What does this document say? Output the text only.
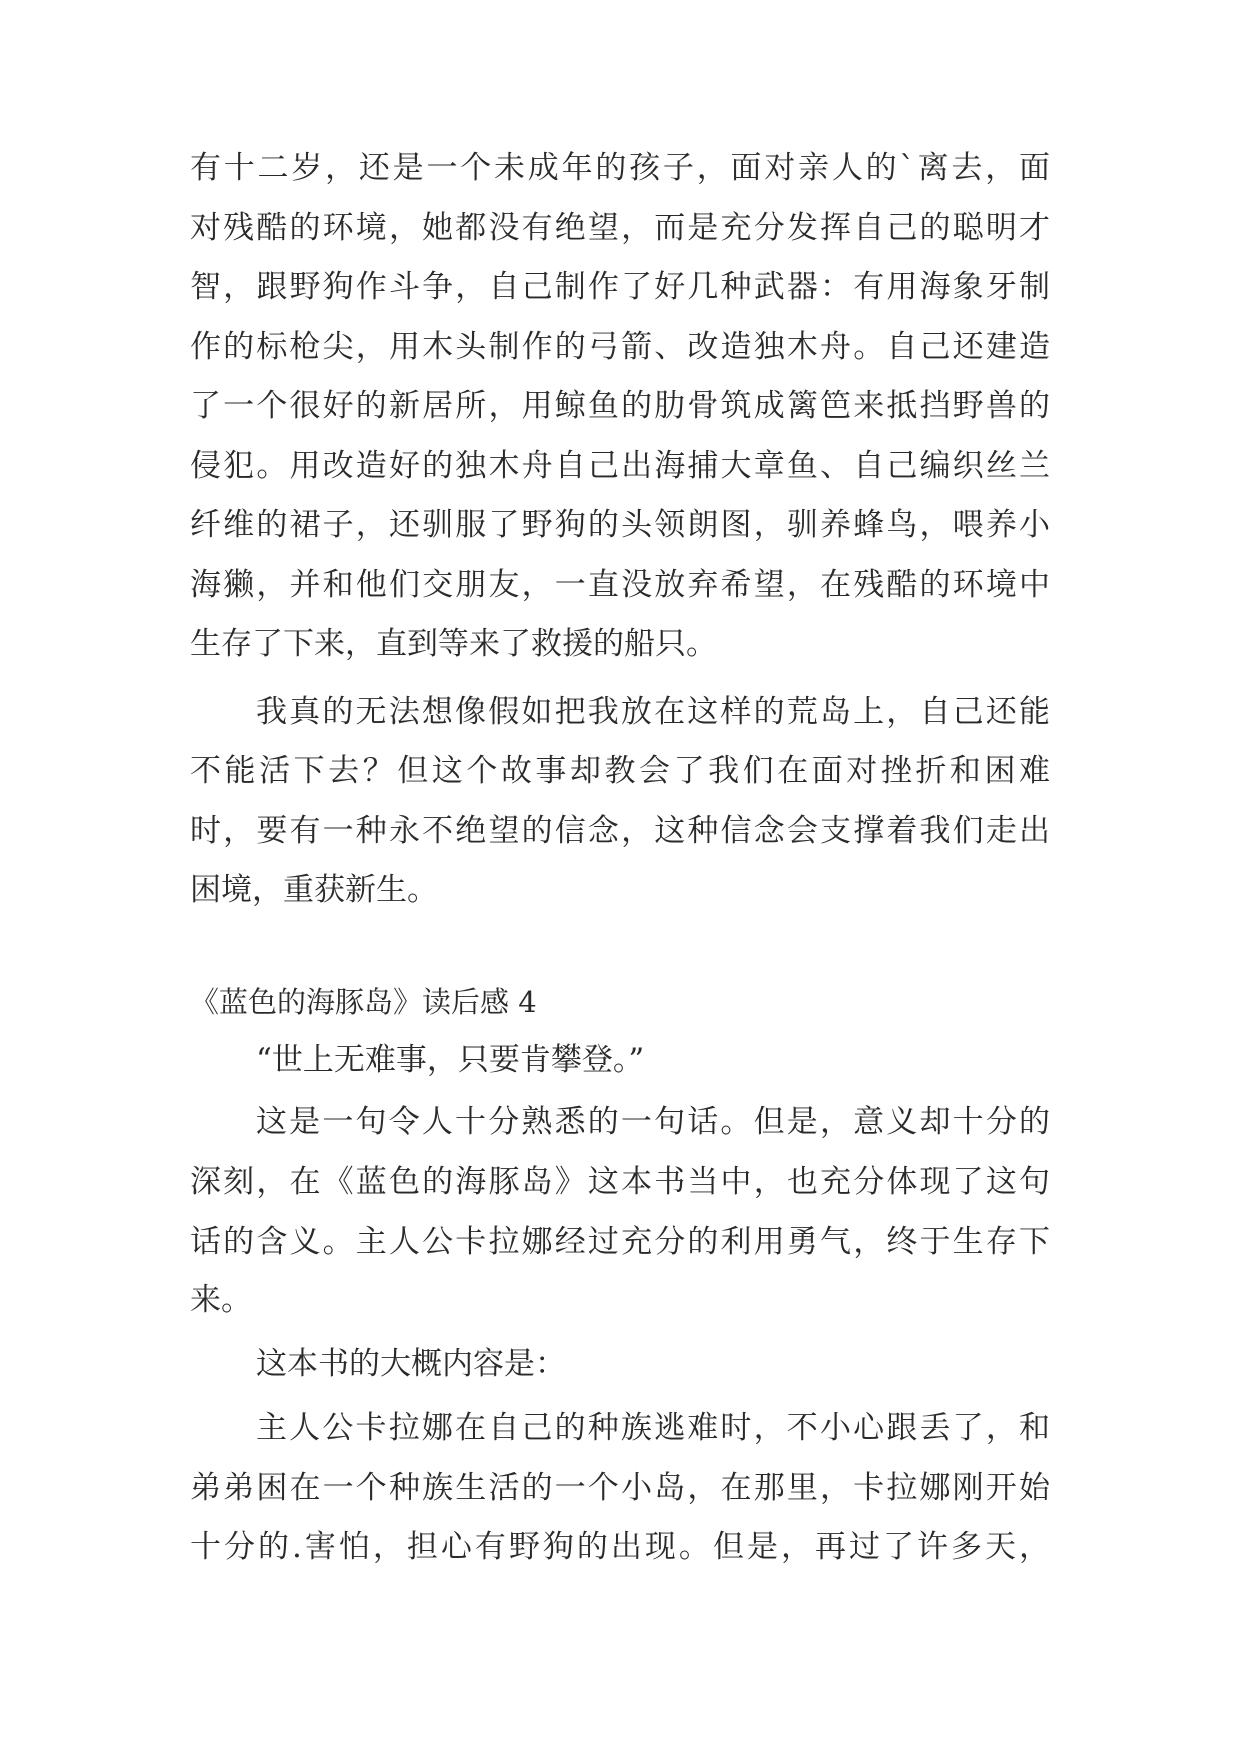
有十二岁，还是一个未成年的孩子，面对亲人的`离去，面
对残酷的环境，她都没有绝望，而是充分发挥自己的聪明才
智，跟野狗作斗争，自己制作了好几种武器：有用海象牙制
作的标枪尖，用木头制作的弓箭、改造独木舟。自己还建造
了一个很好的新居所，用鲸鱼的肋骨筑成篱笆来抵挡野兽的
侵犯。用改造好的独木舟自己出海捕大章鱼、自己编织丝兰
纤维的裙子，还驯服了野狗的头领朗图，驯养蜂鸟，喂养小
海獭，并和他们交朋友，一直没放弃希望，在残酷的环境中
生存了下来，直到等来了救援的船只。
我真的无法想像假如把我放在这样的荒岛上，自己还能
不能活下去？但这个故事却教会了我们在面对挫折和困难
时，要有一种永不绝望的信念，这种信念会支撑着我们走出
困境，重获新生。
《蓝色的海豚岛》读后感 4
“世上无难事，只要肯攀登。”
这是一句令人十分熟悉的一句话。但是，意义却十分的
深刻，在《蓝色的海豚岛》这本书当中，也充分体现了这句
话的含义。主人公卡拉娜经过充分的利用勇气，终于生存下
来。
这本书的大概内容是：
主人公卡拉娜在自己的种族逃难时，不小心跟丢了，和
弟弟困在一个种族生活的一个小岛，在那里，卡拉娜刚开始
十分的.害怕，担心有野狗的出现。但是，再过了许多天，
